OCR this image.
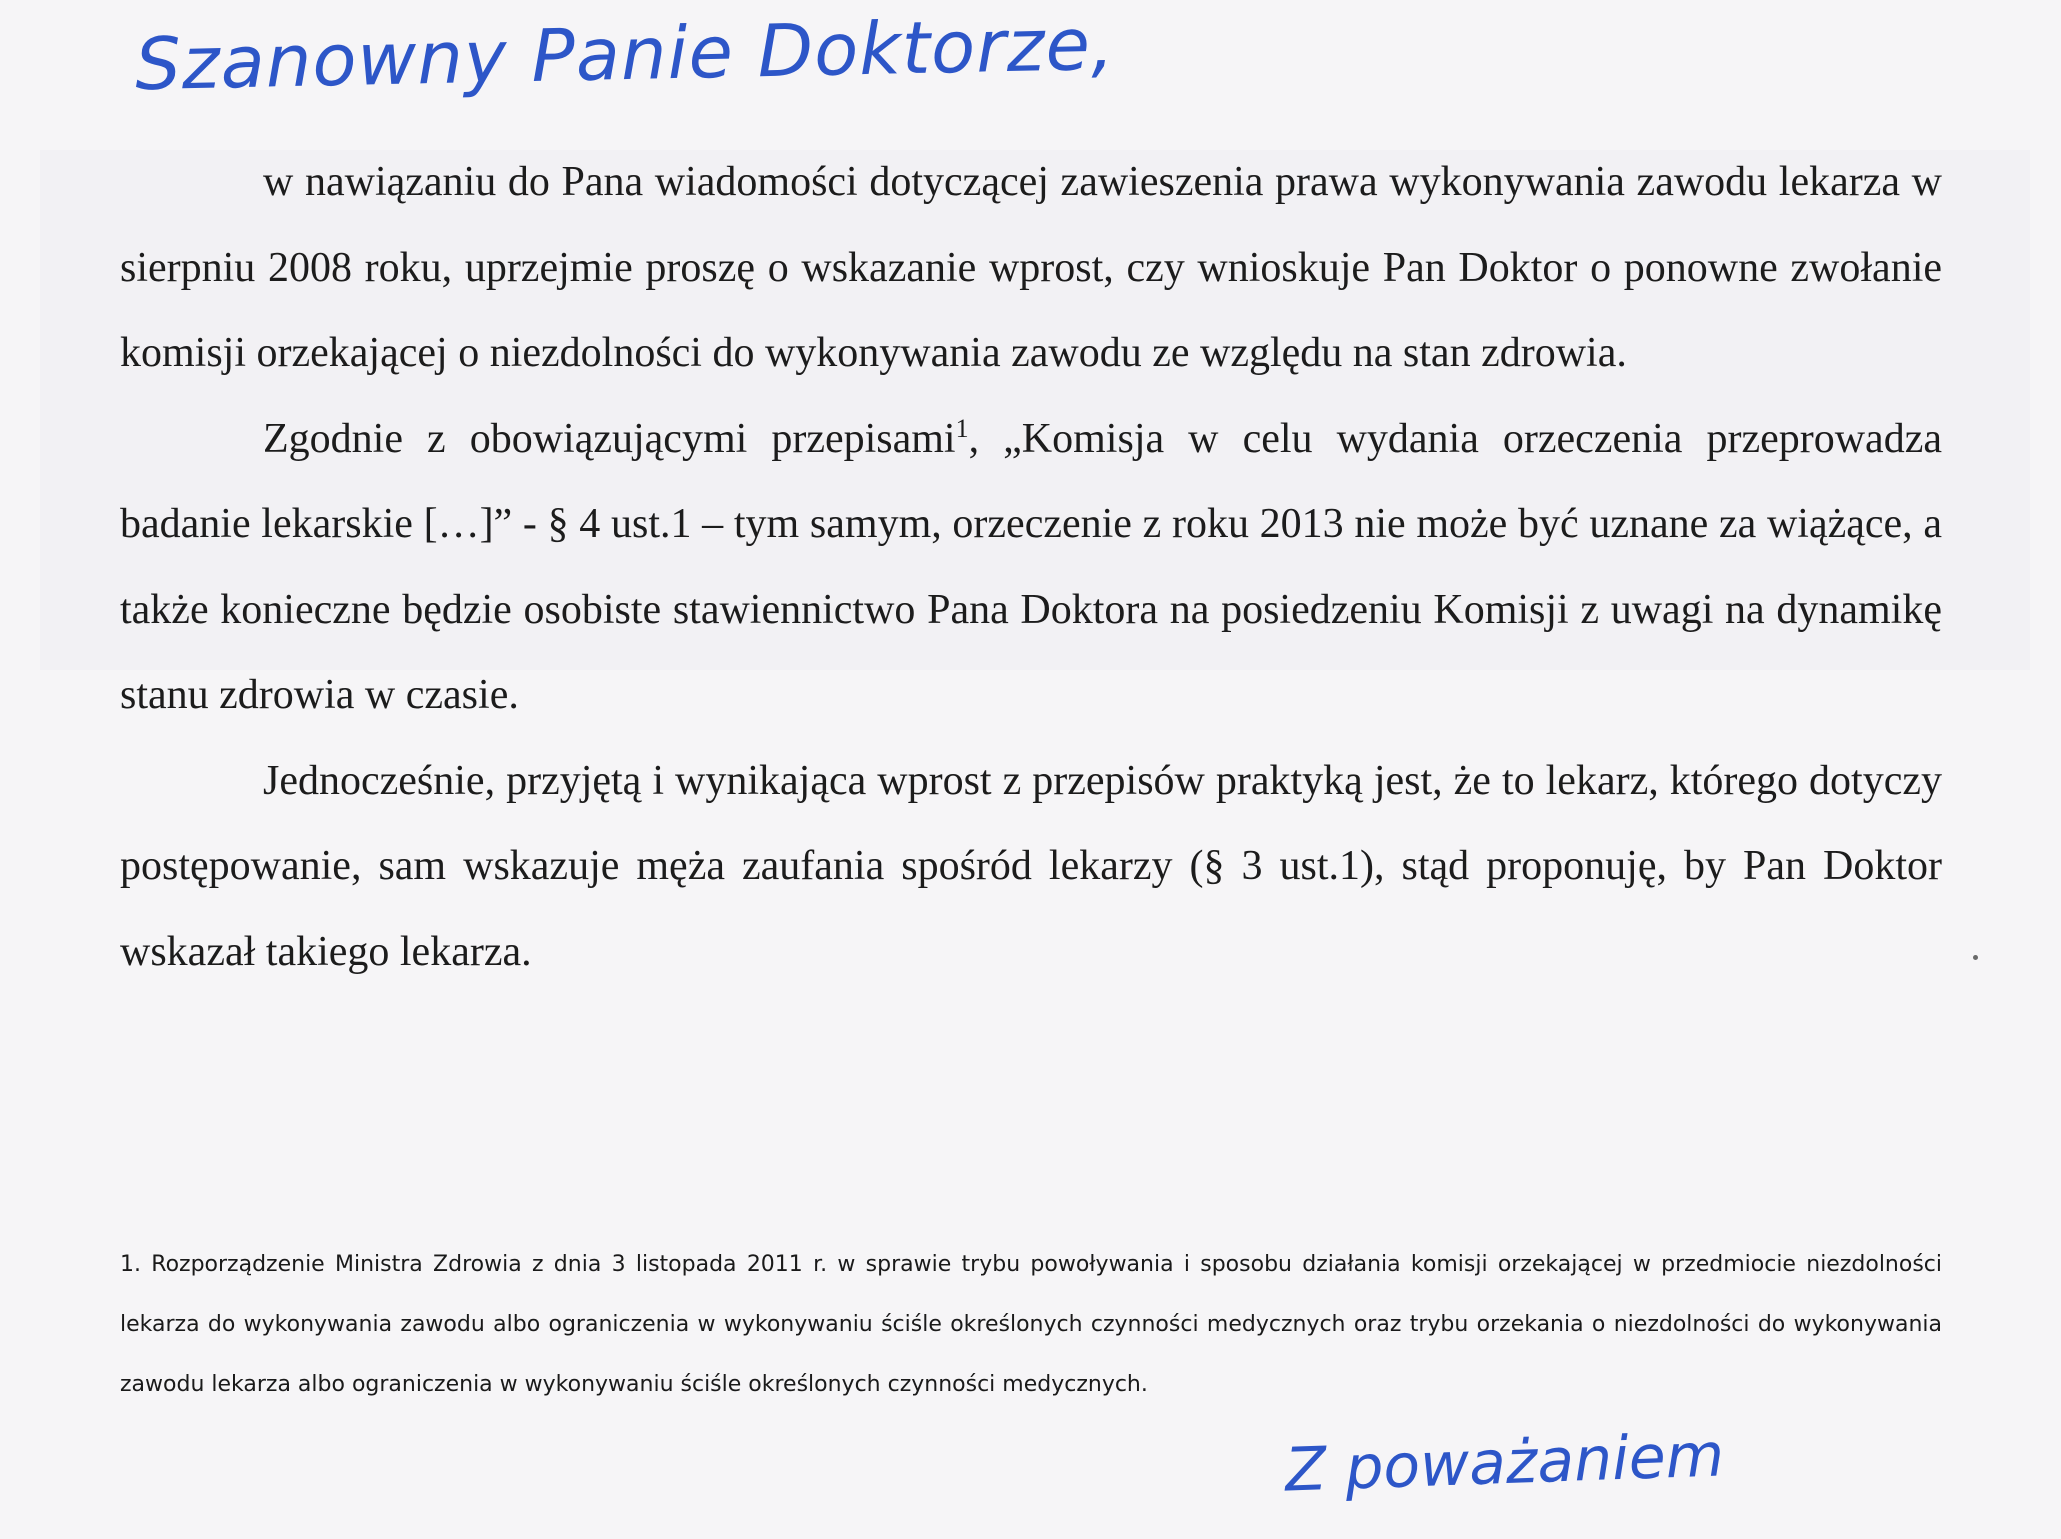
Szanowny Panie Doktorze,

w nawiązaniu do Pana wiadomości dotyczącej zawieszenia prawa wykonywania zawodu lekarza w sierpniu 2008 roku, uprzejmie proszę o wskazanie wprost, czy wnioskuje Pan Doktor o ponowne zwołanie komisji orzekającej o niezdolności do wykonywania zawodu ze względu na stan zdrowia.

Zgodnie z obowiązującymi przepisami$^1$, „Komisja w celu wydania orzeczenia przeprowadza badanie lekarskie […]” - § 4 ust.1 – tym samym, orzeczenie z roku 2013 nie może być uznane za wiążące, a także konieczne będzie osobiste stawiennictwo Pana Doktora na posiedzeniu Komisji z uwagi na dynamikę stanu zdrowia w czasie.

Jednocześnie, przyjętą i wynikająca wprost z przepisów praktyką jest, że to lekarz, którego dotyczy postępowanie, sam wskazuje męża zaufania spośród lekarzy (§ 3 ust.1), stąd proponuję, by Pan Doktor wskazał takiego lekarza.

1. Rozporządzenie Ministra Zdrowia z dnia 3 listopada 2011 r. w sprawie trybu powoływania i sposobu działania komisji orzekającej w przedmiocie niezdolności lekarza do wykonywania zawodu albo ograniczenia w wykonywaniu ściśle określonych czynności medycznych oraz trybu orzekania o niezdolności do wykonywania zawodu lekarza albo ograniczenia w wykonywaniu ściśle określonych czynności medycznych.
Z poważaniem
